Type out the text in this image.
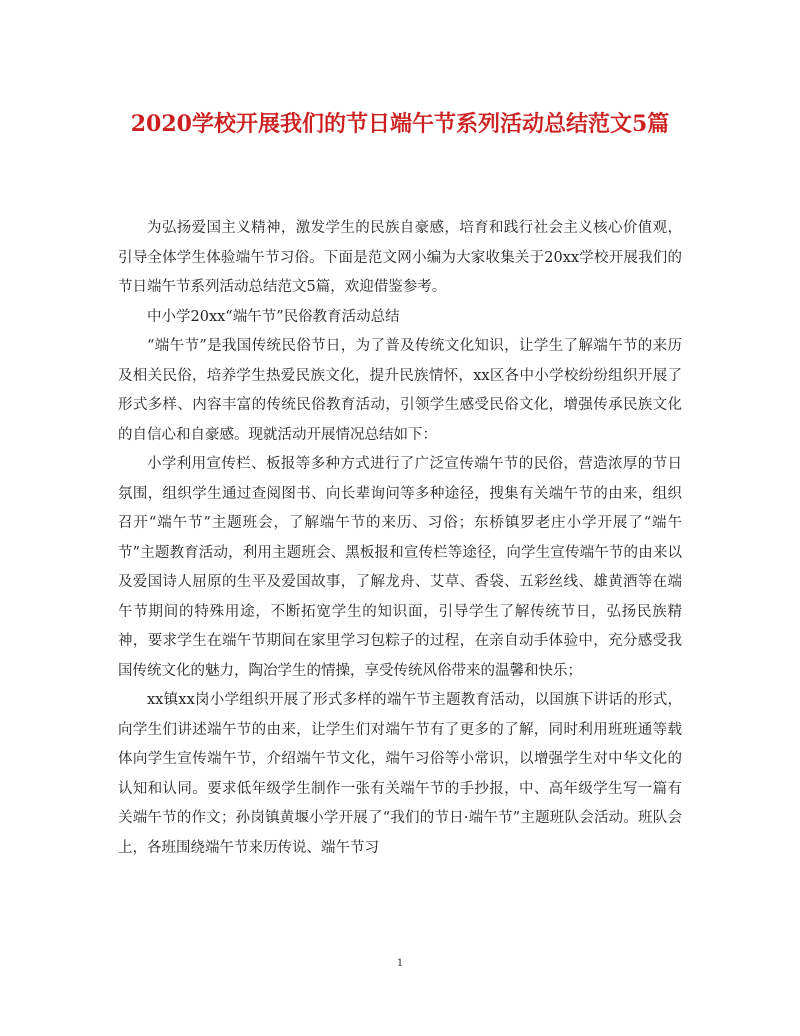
2020学校开展我们的节日端午节系列活动总结范文5篇

为弘扬爱国主义精神，激发学生的民族自豪感，培育和践行社会主义核心价值观，引导全体学生体验端午节习俗。下面是范文网小编为大家收集关于20xx学校开展我们的节日端午节系列活动总结范文5篇，欢迎借鉴参考。

中小学20xx“端午节”民俗教育活动总结

“端午节”是我国传统民俗节日，为了普及传统文化知识，让学生了解端午节的来历及相关民俗，培养学生热爱民族文化，提升民族情怀，xx区各中小学校纷纷组织开展了形式多样、内容丰富的传统民俗教育活动，引领学生感受民俗文化，增强传承民族文化的自信心和自豪感。现就活动开展情况总结如下：

小学利用宣传栏、板报等多种方式进行了广泛宣传端午节的民俗，营造浓厚的节日氛围，组织学生通过查阅图书、向长辈询问等多种途径，搜集有关端午节的由来，组织召开“端午节”主题班会，了解端午节的来历、习俗；东桥镇罗老庄小学开展了“端午节”主题教育活动，利用主题班会、黑板报和宣传栏等途径，向学生宣传端午节的由来以及爱国诗人屈原的生平及爱国故事，了解龙舟、艾草、香袋、五彩丝线、雄黄酒等在端午节期间的特殊用途，不断拓宽学生的知识面，引导学生了解传统节日，弘扬民族精神，要求学生在端午节期间在家里学习包粽子的过程，在亲自动手体验中，充分感受我国传统文化的魅力，陶冶学生的情操，享受传统风俗带来的温馨和快乐；

xx镇xx岗小学组织开展了形式多样的端午节主题教育活动，以国旗下讲话的形式，向学生们讲述端午节的由来，让学生们对端午节有了更多的了解，同时利用班班通等载体向学生宣传端午节，介绍端午节文化，端午习俗等小常识，以增强学生对中华文化的认知和认同。要求低年级学生制作一张有关端午节的手抄报，中、高年级学生写一篇有关端午节的作文；孙岗镇黄堰小学开展了“我们的节日·端午节”主题班队会活动。班队会上，各班围绕端午节来历传说、端午节习

1
